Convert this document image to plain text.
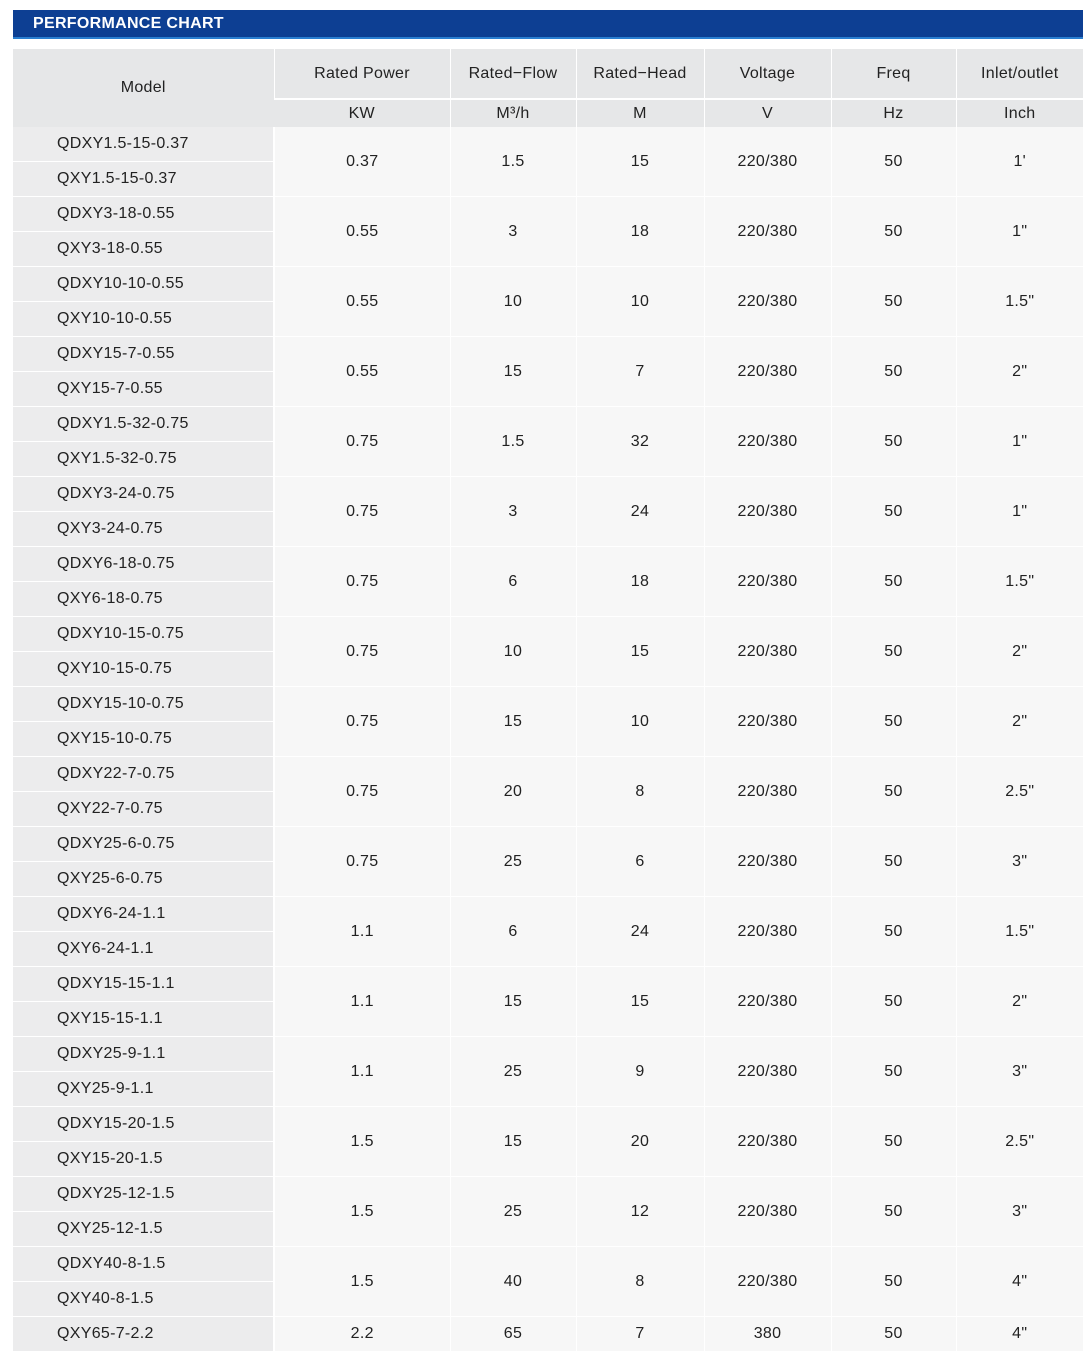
PERFORMANCE CHART
Model	Rated Power	Rated−Flow	Rated−Head	Voltage	Freq	Inlet/outlet
	KW	M³/h	M	V	Hz	Inch
QDXY1.5-15-0.37	0.37	1.5	15	220/380	50	1'
QXY1.5-15-0.37						
QDXY3-18-0.55	0.55	3	18	220/380	50	1"
QXY3-18-0.55						
QDXY10-10-0.55	0.55	10	10	220/380	50	1.5"
QXY10-10-0.55						
QDXY15-7-0.55	0.55	15	7	220/380	50	2"
QXY15-7-0.55						
QDXY1.5-32-0.75	0.75	1.5	32	220/380	50	1"
QXY1.5-32-0.75						
QDXY3-24-0.75	0.75	3	24	220/380	50	1"
QXY3-24-0.75						
QDXY6-18-0.75	0.75	6	18	220/380	50	1.5"
QXY6-18-0.75						
QDXY10-15-0.75	0.75	10	15	220/380	50	2"
QXY10-15-0.75						
QDXY15-10-0.75	0.75	15	10	220/380	50	2"
QXY15-10-0.75						
QDXY22-7-0.75	0.75	20	8	220/380	50	2.5"
QXY22-7-0.75						
QDXY25-6-0.75	0.75	25	6	220/380	50	3"
QXY25-6-0.75						
QDXY6-24-1.1	1.1	6	24	220/380	50	1.5"
QXY6-24-1.1						
QDXY15-15-1.1	1.1	15	15	220/380	50	2"
QXY15-15-1.1						
QDXY25-9-1.1	1.1	25	9	220/380	50	3"
QXY25-9-1.1						
QDXY15-20-1.5	1.5	15	20	220/380	50	2.5"
QXY15-20-1.5						
QDXY25-12-1.5	1.5	25	12	220/380	50	3"
QXY25-12-1.5						
QDXY40-8-1.5	1.5	40	8	220/380	50	4"
QXY40-8-1.5						
QXY65-7-2.2	2.2	65	7	380	50	4"
